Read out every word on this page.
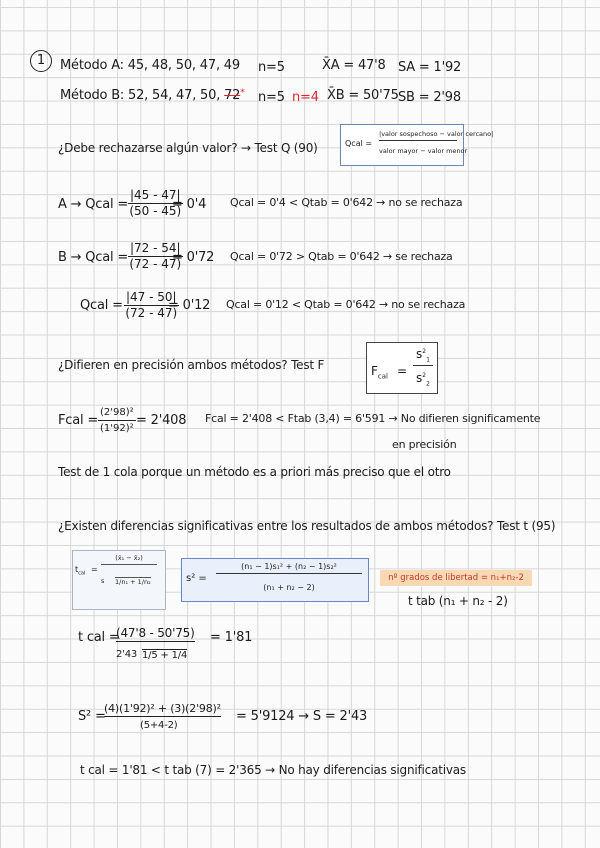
1	Método A: 45, 48, 50, 47, 49 n=5	X̄A = 47'8 SA = 1'92
Método B: 52, 54, 47, 50, 72* n=5 n=4 X̄B = 50'75 SB = 2'98
¿Debe rechazarse algún valor? → Test Q (90)	Qcal =
|valor sospechoso − valor cercano|
valor mayor − valor menor
A → Qcal = $\frac{|45 - 47|}{(50 - 45)}$
= 0'4 Qcal = 0'4 < Qtab = 0'642 → no se rechaza
B → Qcal = $\frac{|72 - 54|}{(72 - 47)}$
= 0'72 Qcal = 0'72 > Qtab = 0'642 → se rechaza
Qcal = $\frac{|47 - 50|}{(72 - 47)}$
= 0'12 Qcal = 0'12 < Qtab = 0'642 → no se rechaza
¿Difieren en precisión ambos métodos? Test F	$F_{cal}$ =
$s^2_1$
$s^2_2$
Fcal = $\frac{\text{(2'98)²}}{\text{(1'92)²}} = 2'408$ Fcal = 2'408 < Ftab (3,4) = 6'591 → No difieren significamente
en precisión
Test de 1 cola porque un método es a priori más preciso que el otro
¿Existen diferencias significativas entre los resultados de ambos métodos? Test t (95)
$t_{cal}$ =
(x̄₁ − x̄₂)
s 1/n₁ + 1/n₂	s² =
(n₁ − 1)s₁² + (n₂ − 1)s₂²
(n₁ + n₂ − 2)
nº grados de libertad = n₁+n₂-2
t tab (n₁ + n₂ - 2)
t cal =
(47'8 - 50'75)
2'43 1/5 + 1/4
= 1'81
S² =
(4)(1'92)² + (3)(2'98)²
(5+4-2)
= 5'9124 → S = 2'43
t cal = 1'81 < t tab (7) = 2'365 → No hay diferencias significativas
